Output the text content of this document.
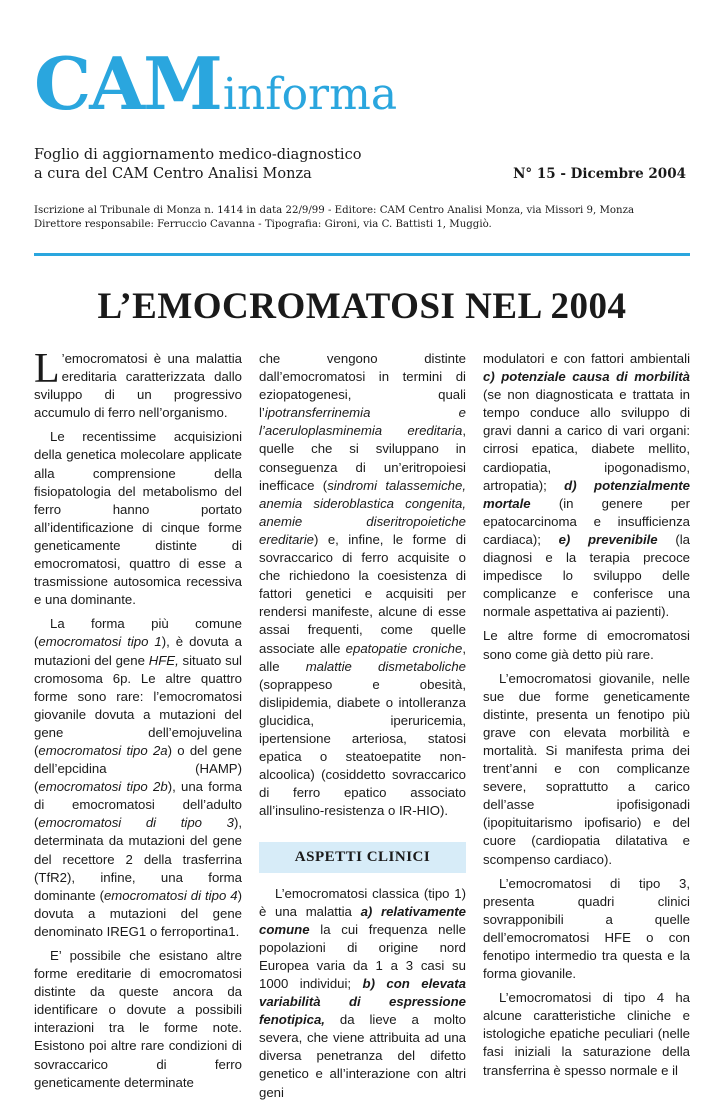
CAMinforma
Foglio di aggiornamento medico-diagnostico
a cura del CAM Centro Analisi Monza	N° 15 - Dicembre 2004
Iscrizione al Tribunale di Monza n. 1414 in data 22/9/99 - Editore: CAM Centro Analisi Monza, via Missori 9, Monza
Direttore responsabile: Ferruccio Cavanna - Tipografia: Gironi, via C. Battisti 1, Muggiò.
L’EMOCROMATOSI NEL 2004

L ’emocromatosi è una malattia ereditaria caratterizzata dallo sviluppo di un progressivo accumulo di ferro nell’organismo.

Le recentissime acquisizioni della genetica molecolare applicate alla comprensione della fisiopatologia del metabolismo del ferro hanno portato all’identificazione di cinque forme geneticamente distinte di emocromatosi, quattro di esse a trasmissione autosomica recessiva e una dominante.

La forma più comune (emocromatosi tipo 1), è dovuta a mutazioni del gene HFE, situato sul cromosoma 6p. Le altre quattro forme sono rare: l’emocromatosi giovanile dovuta a mutazioni del gene dell’emojuvelina (emocromatosi tipo 2a) o del gene dell’epcidina (HAMP) (emocromatosi tipo 2b), una forma di emocromatosi dell’adulto (emocromatosi di tipo 3), determinata da mutazioni del gene del recettore 2 della trasferrina (TfR2), infine, una forma dominante (emocromatosi di tipo 4) dovuta a mutazioni del gene denominato IREG1 o ferroportina1.

E’ possibile che esistano altre forme ereditarie di emocromatosi distinte da queste ancora da identificare o dovute a possibili interazioni tra le forme note. Esistono poi altre rare condizioni di sovraccarico di ferro geneticamente determinate

che vengono distinte dall’emocromatosi in termini di eziopatogenesi, quali l’ipotransferrinemia e l’aceruloplasminemia ereditaria, quelle che si sviluppano in conseguenza di un’eritropoiesi inefficace (sindromi talassemiche, anemia sideroblastica congenita, anemie diseritropoietiche ereditarie) e, infine, le forme di sovraccarico di ferro acquisite o che richiedono la coesistenza di fattori genetici e acquisiti per rendersi manifeste, alcune di esse assai frequenti, come quelle associate alle epatopatie croniche, alle malattie dismetaboliche (soprappeso e obesità, dislipidemia, diabete o intolleranza glucidica, iperuricemia, ipertensione arteriosa, statosi epatica o steatoepatite non-alcoolica) (cosiddetto sovraccarico di ferro epatico associato all’insulino-resistenza o IR-HIO).

ASPETTI CLINICI

L’emocromatosi classica (tipo 1) è una malattia a) relativamente comune la cui frequenza nelle popolazioni di origine nord Europea varia da 1 a 3 casi su 1000 individui; b) con elevata variabilità di espressione fenotipica, da lieve a molto severa, che viene attribuita ad una diversa penetranza del difetto genetico e all’interazione con altri geni

modulatori e con fattori ambientali c) potenziale causa di morbilità (se non diagnosticata e trattata in tempo conduce allo sviluppo di gravi danni a carico di vari organi: cirrosi epatica, diabete mellito, cardiopatia, ipogonadismo, artropatia); d) potenzialmente mortale (in genere per epatocarcinoma e insufficienza cardiaca); e) prevenibile (la diagnosi e la terapia precoce impedisce lo sviluppo delle complicanze e conferisce una normale aspettativa ai pazienti).

Le altre forme di emocromatosi sono come già detto più rare.

L’emocromatosi giovanile, nelle sue due forme geneticamente distinte, presenta un fenotipo più grave con elevata morbilità e mortalità. Si manifesta prima dei trent’anni e con complicanze severe, soprattutto a carico dell’asse ipofisigonadi (ipopituitarismo ipofisario) e del cuore (cardiopatia dilatativa e scompenso cardiaco).

L’emocromatosi di tipo 3, presenta quadri clinici sovrapponibili a quelle dell’emocromatosi HFE o con fenotipo intermedio tra questa e la forma giovanile.

L’emocromatosi di tipo 4 ha alcune caratteristiche cliniche e istologiche epatiche peculiari (nelle fasi iniziali la saturazione della transferrina è spesso normale e il
